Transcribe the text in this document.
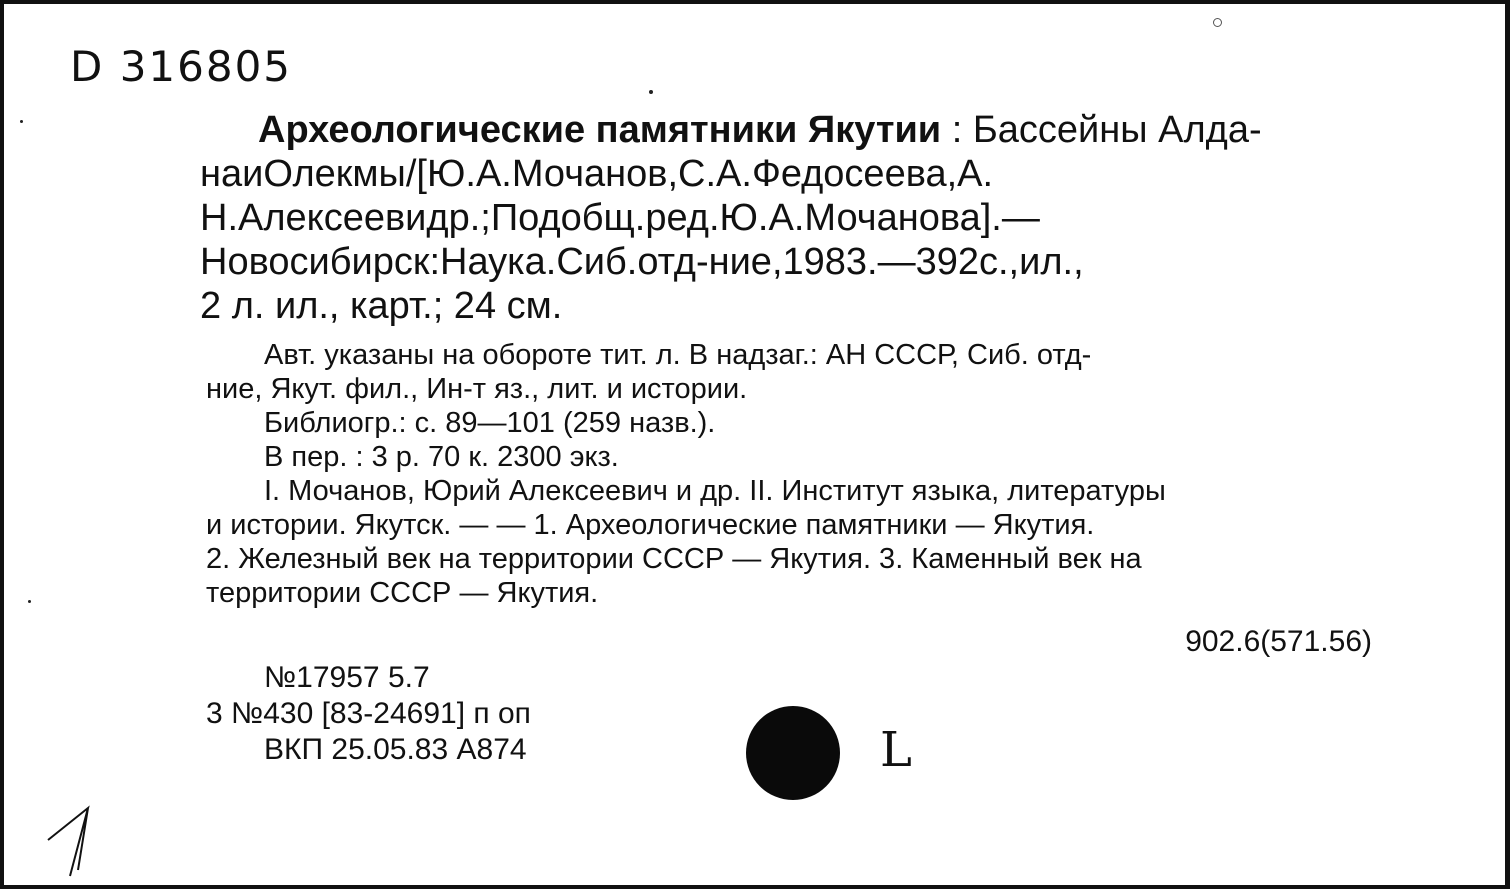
D 316805
Археологические памятники Якутии : Бассейны Алда-
наиОлекмы/[Ю.А.Мочанов,С.А.Федосеева,А.
Н.Алексеевидр.;Подобщ.ред.Ю.А.Мочанова].—
Новосибирск:Наука.Сиб.отд-ние,1983.—392с.,ил.,
2 л. ил., карт.; 24 см.
Авт. указаны на обороте тит. л. В надзаг.: АН СССР, Сиб. отд-
ние, Якут. фил., Ин-т яз., лит. и истории.
Библиогр.: с. 89—101 (259 назв.).
В пер. : 3 р. 70 к. 2300 экз.
I. Мочанов, Юрий Алексеевич и др. II. Институт языка, литературы
и истории. Якутск. — — 1. Археологические памятники — Якутия.
2. Железный век на территории СССР — Якутия. 3. Каменный век на
территории СССР — Якутия.
902.6(571.56)
№17957 5.7
3 №430 [83-24691] п оп
ВКП 25.05.83 А874	L
